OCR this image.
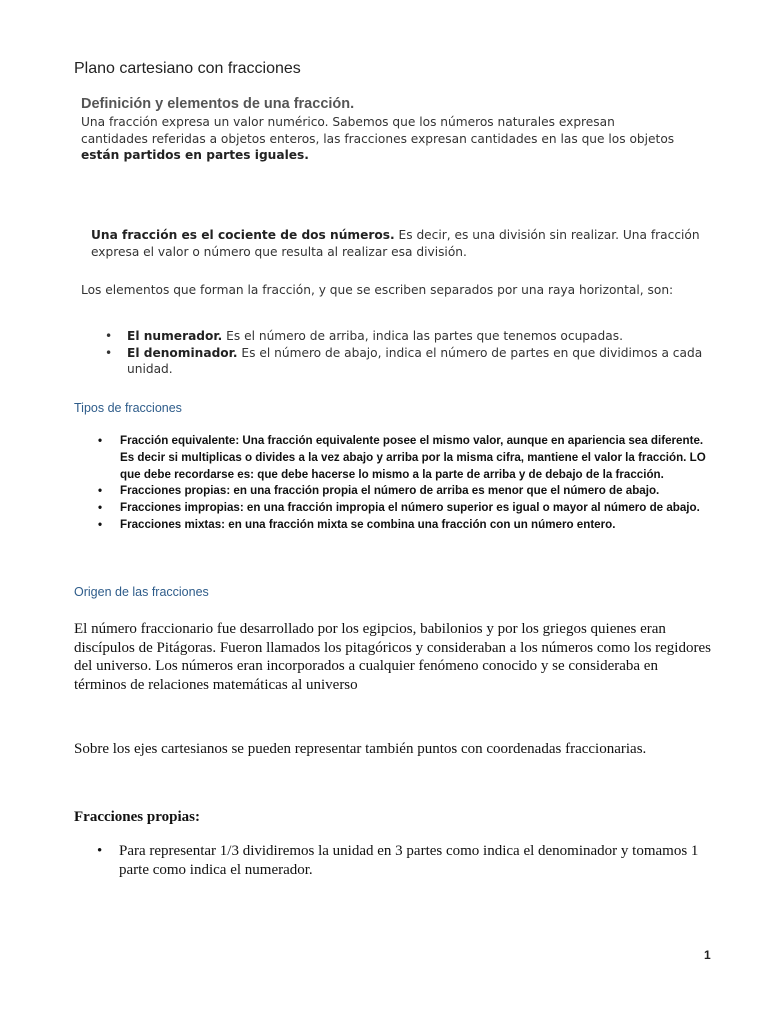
Plano cartesiano con fracciones
Definición y elementos de una fracción.
Una fracción expresa un valor numérico. Sabemos que los números naturales expresan cantidades referidas a objetos enteros, las fracciones expresan cantidades en las que los objetos están partidos en partes iguales.
Una fracción es el cociente de dos números. Es decir, es una división sin realizar. Una fracción expresa el valor o número que resulta al realizar esa división.
Los elementos que forman la fracción, y que se escriben separados por una raya horizontal, son:
• El numerador. Es el número de arriba, indica las partes que tenemos ocupadas.
• El denominador. Es el número de abajo, indica el número de partes en que dividimos a cada unidad.
Tipos de fracciones
• Fracción equivalente: Una fracción equivalente posee el mismo valor, aunque en apariencia sea diferente. Es decir si multiplicas o divides a la vez abajo y arriba por la misma cifra, mantiene el valor la fracción. LO que debe recordarse es: que debe hacerse lo mismo a la parte de arriba y de debajo de la fracción.
• Fracciones propias: en una fracción propia el número de arriba es menor que el número de abajo.
• Fracciones impropias: en una fracción impropia el número superior es igual o mayor al número de abajo.
• Fracciones mixtas: en una fracción mixta se combina una fracción con un número entero.
Origen de las fracciones
El número fraccionario fue desarrollado por los egipcios, babilonios y por los griegos quienes eran discípulos de Pitágoras. Fueron llamados los pitagóricos y consideraban a los números como los regidores del universo. Los números eran incorporados a cualquier fenómeno conocido y se consideraba en términos de relaciones matemáticas al universo
Sobre los ejes cartesianos se pueden representar también puntos con coordenadas fraccionarias.
Fracciones propias:
• Para representar 1/3 dividiremos la unidad en 3 partes como indica el denominador y tomamos 1 parte como indica el numerador.
1
